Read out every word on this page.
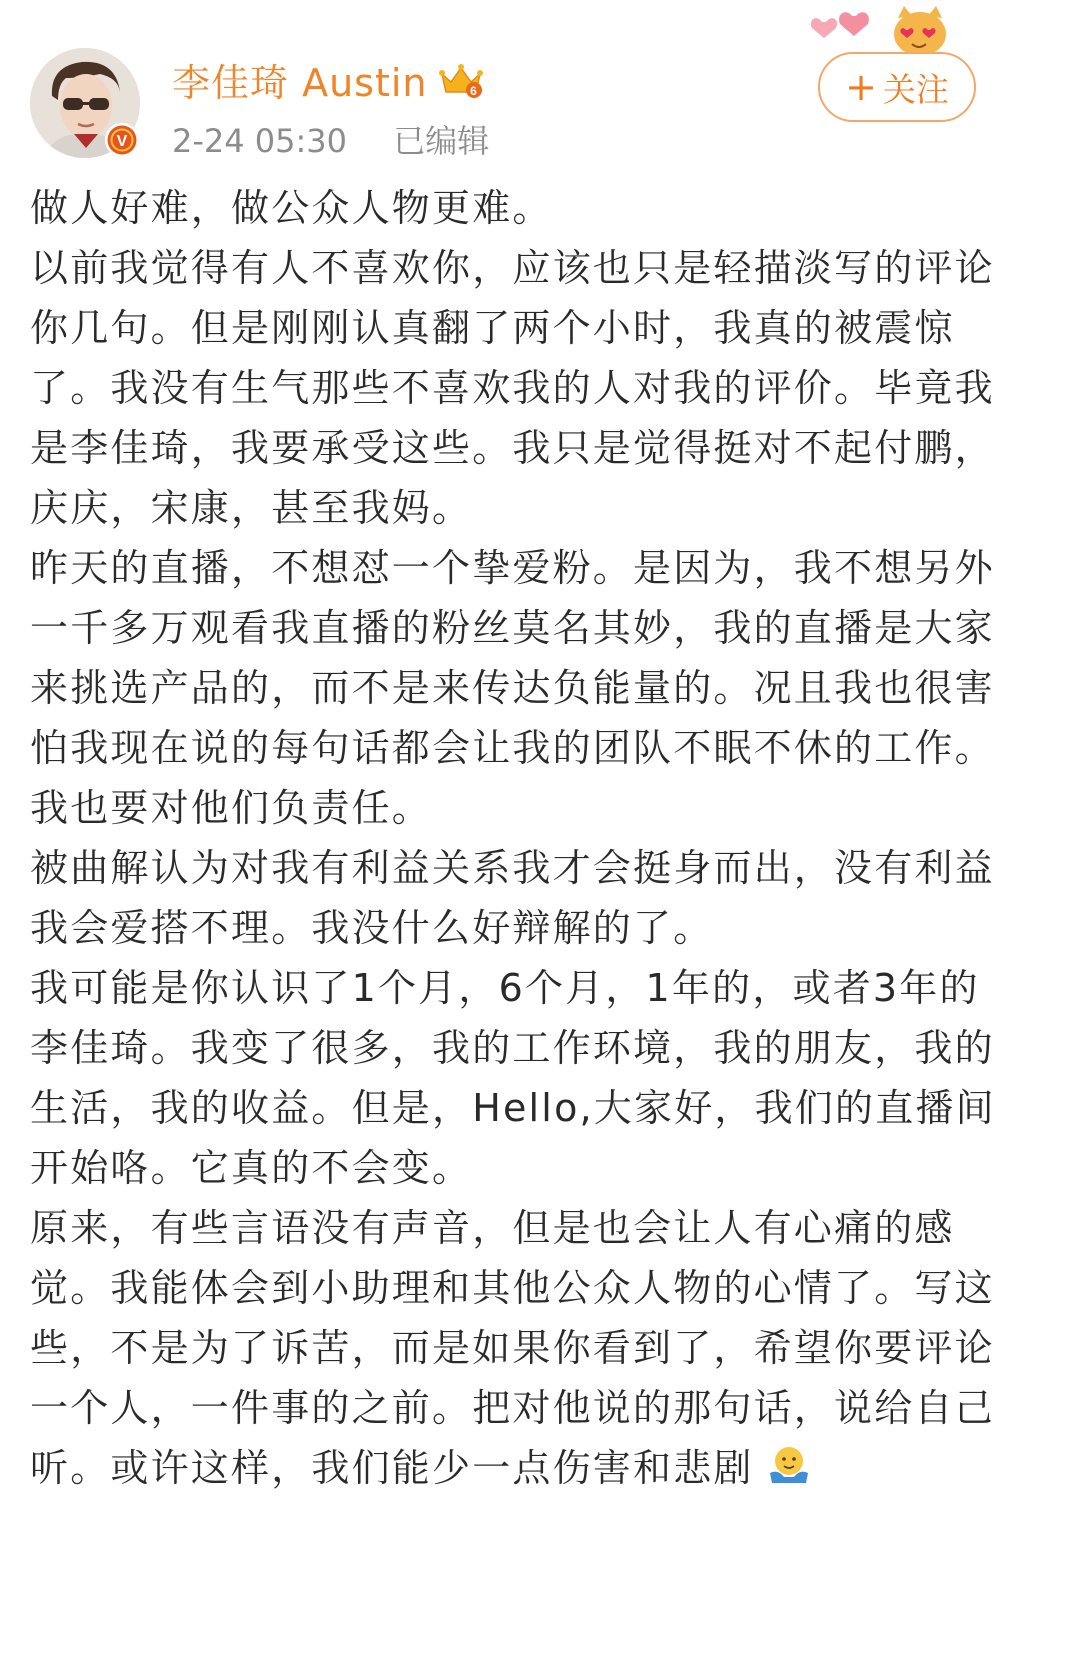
V
李佳琦 Austin	6
2-24 05:30 已编辑
+ 关注

做人好难，做公众人物更难。

以前我觉得有人不喜欢你，应该也只是轻描淡写的评论你几句。但是刚刚认真翻了两个小时，我真的被震惊了。我没有生气那些不喜欢我的人对我的评价。毕竟我是李佳琦，我要承受这些。我只是觉得挺对不起付鹏，庆庆，宋康，甚至我妈。

昨天的直播，不想怼一个挚爱粉。是因为，我不想另外一千多万观看我直播的粉丝莫名其妙，我的直播是大家来挑选产品的，而不是来传达负能量的。况且我也很害怕我现在说的每句话都会让我的团队不眠不休的工作。我也要对他们负责任。

被曲解认为对我有利益关系我才会挺身而出，没有利益我会爱搭不理。我没什么好辩解的了。

我可能是你认识了1个月，6个月，1年的，或者3年的李佳琦。我变了很多，我的工作环境，我的朋友，我的生活，我的收益。但是，Hello,大家好，我们的直播间开始咯。它真的不会变。

原来，有些言语没有声音，但是也会让人有心痛的感觉。我能体会到小助理和其他公众人物的心情了。写这些，不是为了诉苦，而是如果你看到了，希望你要评论一个人，一件事的之前。把对他说的那句话，说给自己听。或许这样，我们能少一点伤害和悲剧
